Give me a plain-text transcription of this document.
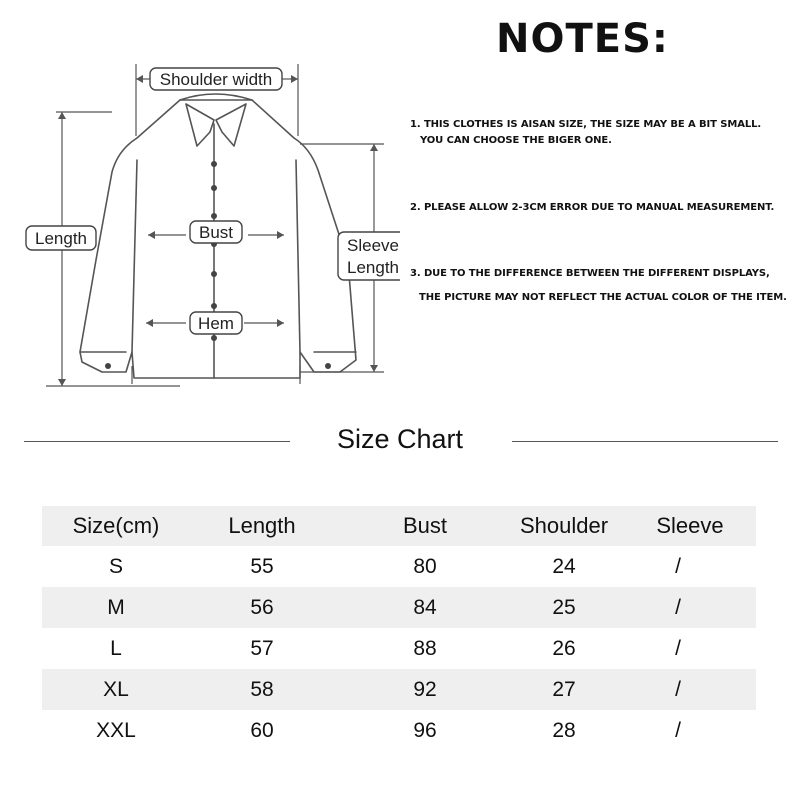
Shoulder width
Length	Bust
Sleeve
Length
Hem
NOTES:
1. THIS CLOTHES IS AISAN SIZE, THE SIZE MAY BE A BIT SMALL.
YOU CAN CHOOSE THE BIGER ONE.
2. PLEASE ALLOW 2-3CM ERROR DUE TO MANUAL MEASUREMENT.
3. DUE TO THE DIFFERENCE BETWEEN THE DIFFERENT DISPLAYS,
THE PICTURE MAY NOT REFLECT THE ACTUAL COLOR OF THE ITEM.
Size Chart
Size(cm)	Length	Bust	Shoulder	Sleeve
S	55	80	24	/
M	56	84	25	/
L	57	88	26	/
XL	58	92	27	/
XXL	60	96	28	/
